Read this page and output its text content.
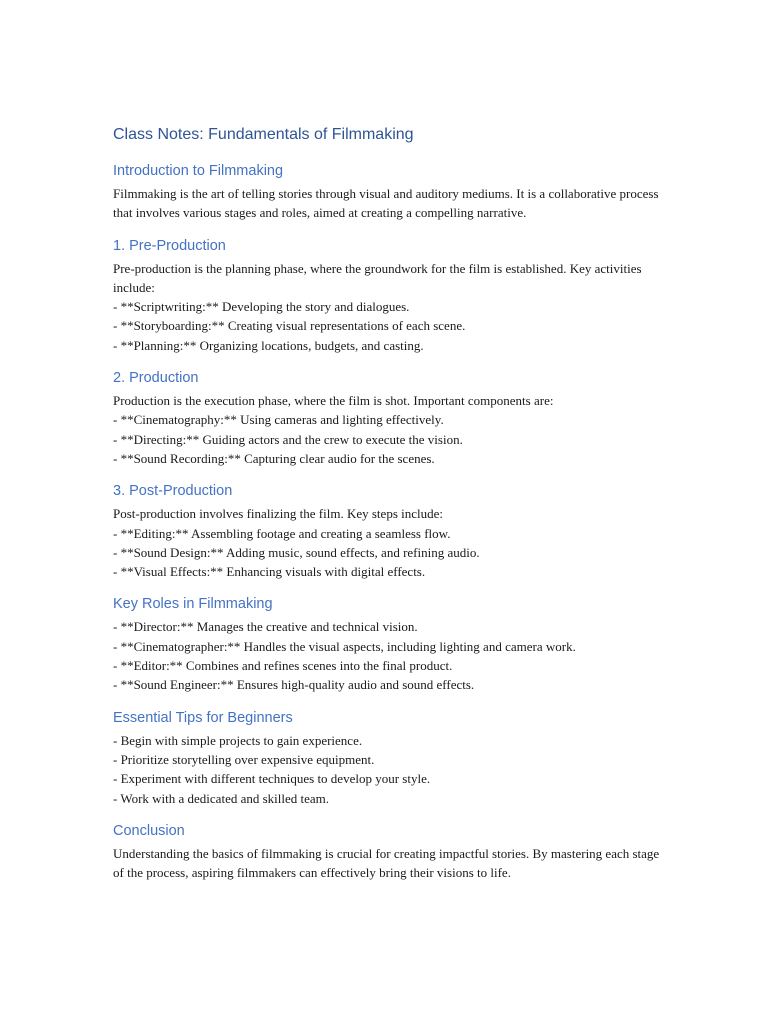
Class Notes: Fundamentals of Filmmaking
Introduction to Filmmaking

Filmmaking is the art of telling stories through visual and auditory mediums. It is a collaborative process that involves various stages and roles, aimed at creating a compelling narrative.

1. Pre-Production

Pre-production is the planning phase, where the groundwork for the film is established. Key activities include:

- **Scriptwriting:** Developing the story and dialogues.

- **Storyboarding:** Creating visual representations of each scene.

- **Planning:** Organizing locations, budgets, and casting.

2. Production

Production is the execution phase, where the film is shot. Important components are:

- **Cinematography:** Using cameras and lighting effectively.

- **Directing:** Guiding actors and the crew to execute the vision.

- **Sound Recording:** Capturing clear audio for the scenes.

3. Post-Production

Post-production involves finalizing the film. Key steps include:

- **Editing:** Assembling footage and creating a seamless flow.

- **Sound Design:** Adding music, sound effects, and refining audio.

- **Visual Effects:** Enhancing visuals with digital effects.

Key Roles in Filmmaking

- **Director:** Manages the creative and technical vision.

- **Cinematographer:** Handles the visual aspects, including lighting and camera work.

- **Editor:** Combines and refines scenes into the final product.

- **Sound Engineer:** Ensures high-quality audio and sound effects.

Essential Tips for Beginners

- Begin with simple projects to gain experience.

- Prioritize storytelling over expensive equipment.

- Experiment with different techniques to develop your style.

- Work with a dedicated and skilled team.

Conclusion

Understanding the basics of filmmaking is crucial for creating impactful stories. By mastering each stage of the process, aspiring filmmakers can effectively bring their visions to life.
